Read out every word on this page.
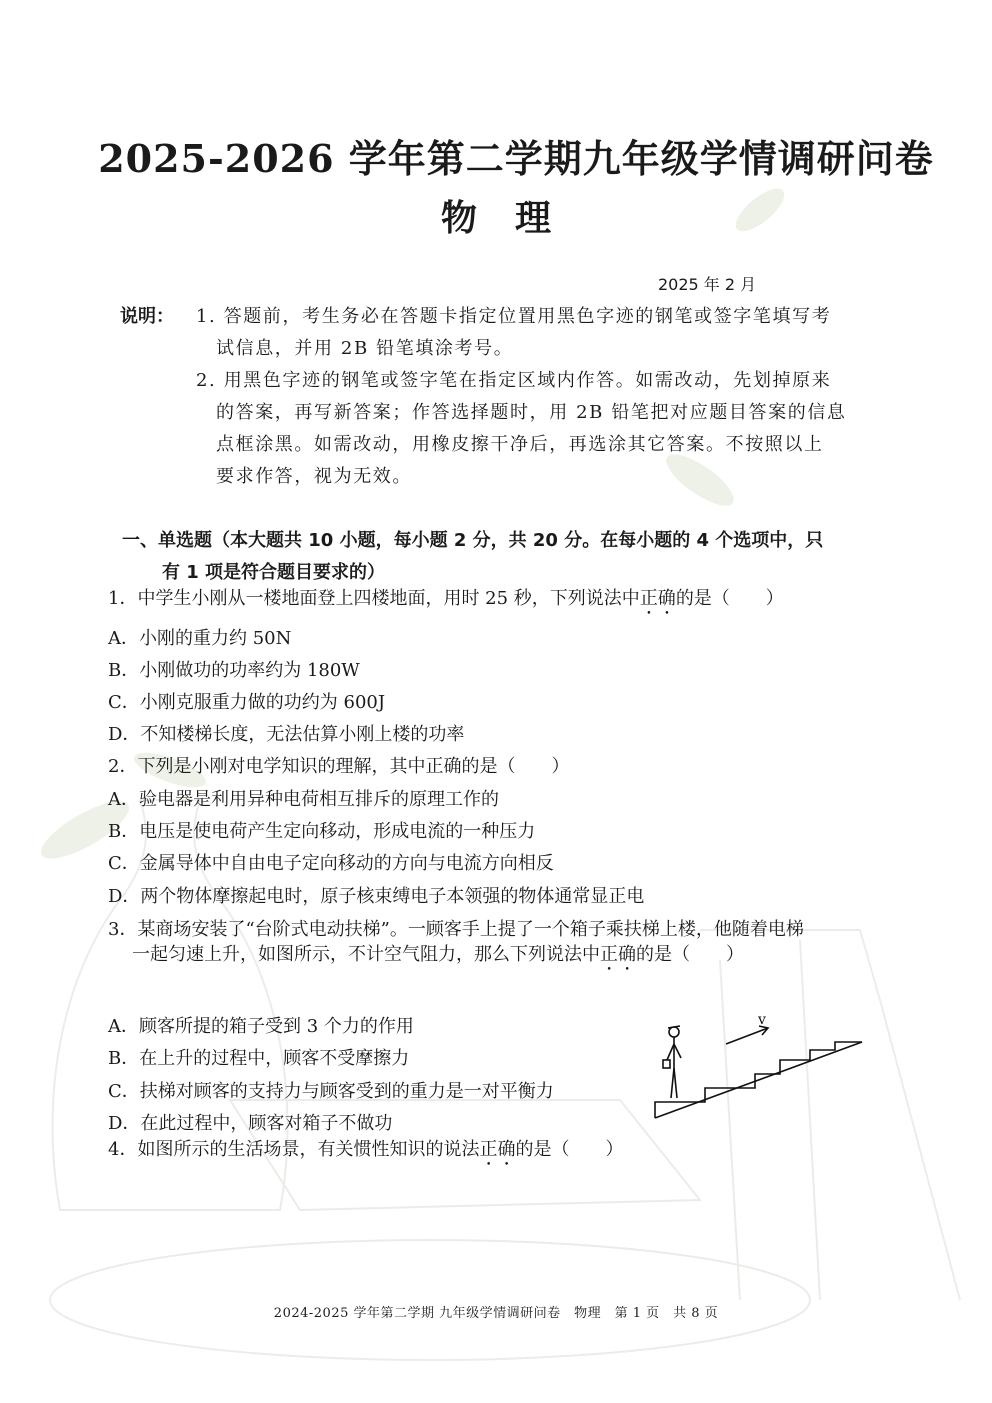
2025-2026 学年第二学期九年级学情调研问卷
物理
2025 年 2 月
说明： 1. 答题前，考生务必在答题卡指定位置用黑色字迹的钢笔或签字笔填写考
试信息，并用 2B 铅笔填涂考号。
2. 用黑色字迹的钢笔或签字笔在指定区域内作答。如需改动，先划掉原来
的答案，再写新答案；作答选择题时，用 2B 铅笔把对应题目答案的信息
点框涂黑。如需改动，用橡皮擦干净后，再选涂其它答案。不按照以上
要求作答，视为无效。
一、单选题（本大题共 10 小题，每小题 2 分，共 20 分。在每小题的 4 个选项中，只
有 1 项是符合题目要求的）
1．中学生小刚从一楼地面登上四楼地面，用时 25 秒，下列说法中正确的是（　　）
A．小刚的重力约 50N
B．小刚做功的功率约为 180W
C．小刚克服重力做的功约为 600J
D．不知楼梯长度，无法估算小刚上楼的功率
2．下列是小刚对电学知识的理解，其中正确的是（　　）
A．验电器是利用异种电荷相互排斥的原理工作的
B．电压是使电荷产生定向移动，形成电流的一种压力
C．金属导体中自由电子定向移动的方向与电流方向相反
D．两个物体摩擦起电时，原子核束缚电子本领强的物体通常显正电
3．某商场安装了“台阶式电动扶梯”。一顾客手上提了一个箱子乘扶梯上楼，他随着电梯
一起匀速上升，如图所示，不计空气阻力，那么下列说法中正确的是（　　）
A．顾客所提的箱子受到 3 个力的作用
B．在上升的过程中，顾客不受摩擦力
C．扶梯对顾客的支持力与顾客受到的重力是一对平衡力
D．在此过程中，顾客对箱子不做功
v
4．如图所示的生活场景，有关惯性知识的说法正确的是（　　）
2024-2025 学年第二学期 九年级学情调研问卷　物理　第 1 页　共 8 页
